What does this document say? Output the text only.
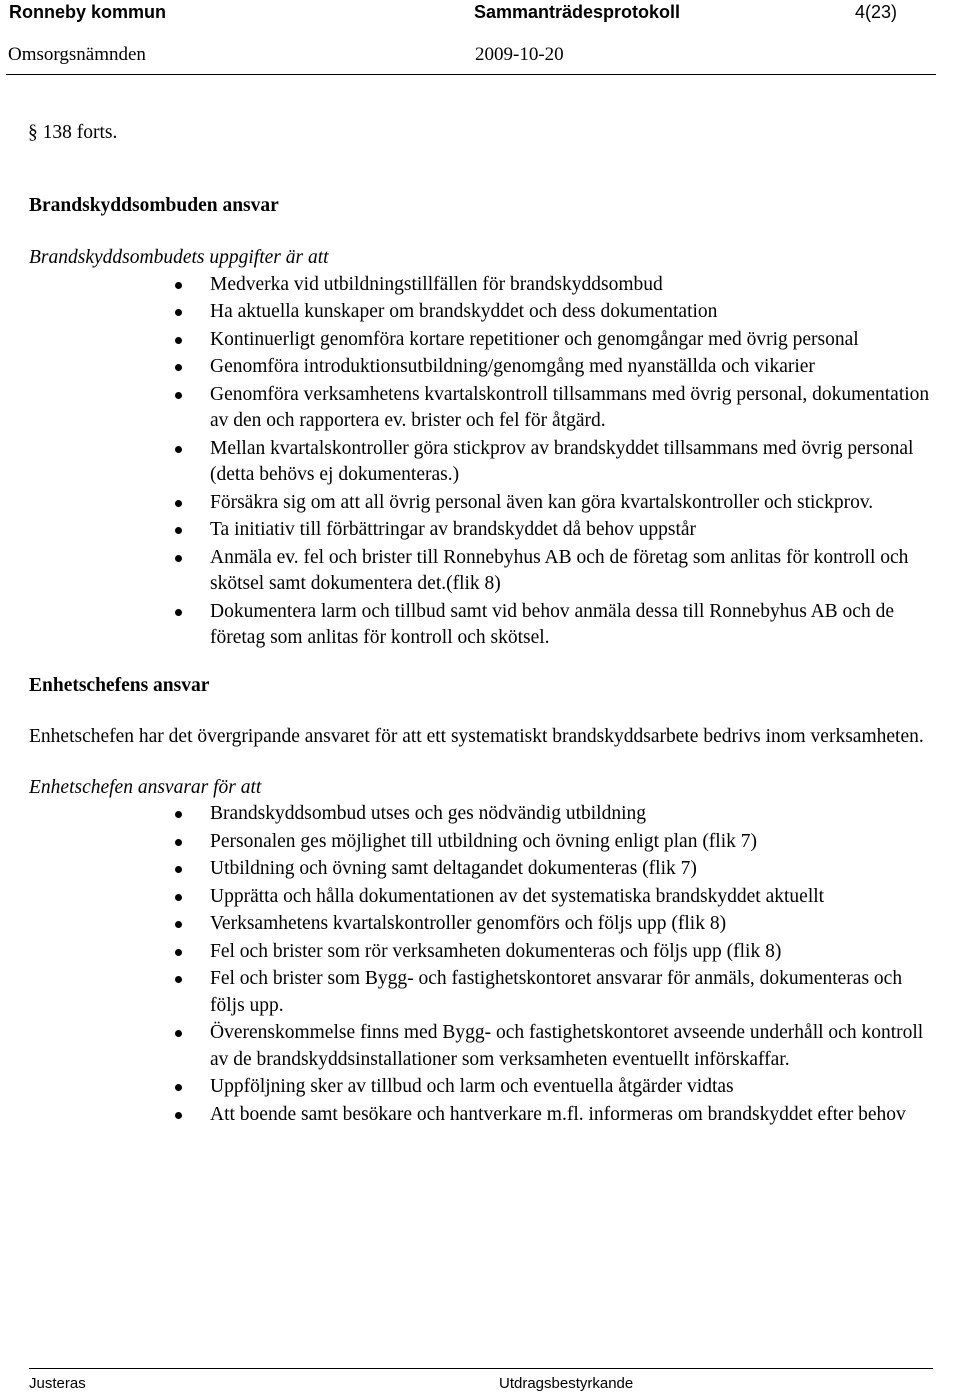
Ronneby kommun	Sammanträdesprotokoll	4(23)
Omsorgsnämnden	2009-10-20

§ 138 forts.

Brandskyddsombuden ansvar

Brandskyddsombudets uppgifter är att

Medverka vid utbildningstillfällen för brandskyddsombud
Ha aktuella kunskaper om brandskyddet och dess dokumentation
Kontinuerligt genomföra kortare repetitioner och genomgångar med övrig personal
Genomföra introduktionsutbildning/genomgång med nyanställda och vikarier
Genomföra verksamhetens kvartalskontroll tillsammans med övrig personal, dokumentation av den och rapportera ev. brister och fel för åtgärd.
Mellan kvartalskontroller göra stickprov av brandskyddet tillsammans med övrig personal (detta behövs ej dokumenteras.)
Försäkra sig om att all övrig personal även kan göra kvartalskontroller och stickprov.
Ta initiativ till förbättringar av brandskyddet då behov uppstår
Anmäla ev. fel och brister till Ronnebyhus AB och de företag som anlitas för kontroll och skötsel samt dokumentera det.(flik 8)
Dokumentera larm och tillbud samt vid behov anmäla dessa till Ronnebyhus AB och de företag som anlitas för kontroll och skötsel.

Enhetschefens ansvar

Enhetschefen har det övergripande ansvaret för att ett systematiskt brandskyddsarbete bedrivs inom verksamheten.

Enhetschefen ansvarar för att

Brandskyddsombud utses och ges nödvändig utbildning
Personalen ges möjlighet till utbildning och övning enligt plan (flik 7)
Utbildning och övning samt deltagandet dokumenteras (flik 7)
Upprätta och hålla dokumentationen av det systematiska brandskyddet aktuellt
Verksamhetens kvartalskontroller genomförs och följs upp (flik 8)
Fel och brister som rör verksamheten dokumenteras och följs upp (flik 8)
Fel och brister som Bygg- och fastighetskontoret ansvarar för anmäls, dokumenteras och följs upp.
Överenskommelse finns med Bygg- och fastighetskontoret avseende underhåll och kontroll av de brandskyddsinstallationer som verksamheten eventuellt införskaffar.
Uppföljning sker av tillbud och larm och eventuella åtgärder vidtas
Att boende samt besökare och hantverkare m.fl. informeras om brandskyddet efter behov
Justeras	Utdragsbestyrkande
